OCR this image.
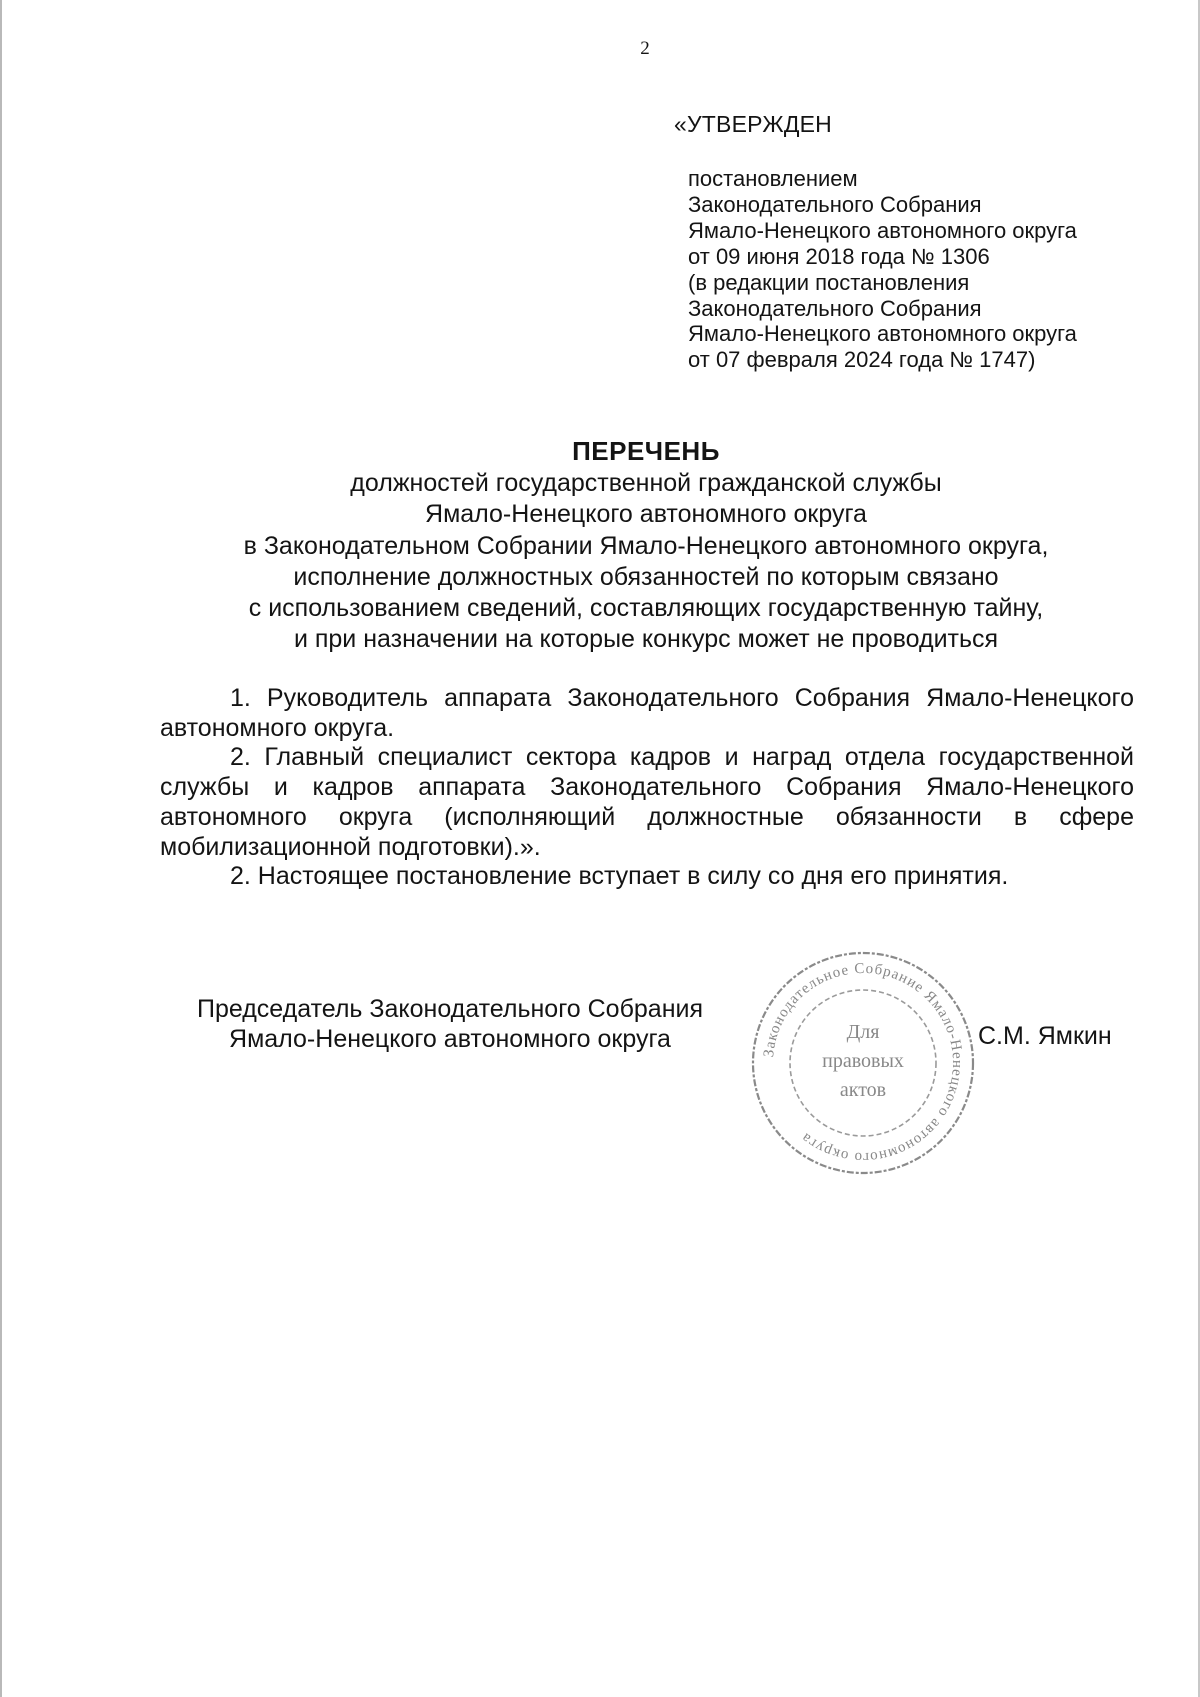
2
«УТВЕРЖДЕН
постановлением
Законодательного Собрания
Ямало-Ненецкого автономного округа
от 09 июня 2018 года № 1306
(в редакции постановления
Законодательного Собрания
Ямало-Ненецкого автономного округа
от 07 февраля 2024 года № 1747)
ПЕРЕЧЕНЬ
должностей государственной гражданской службы
Ямало-Ненецкого автономного округа
в Законодательном Собрании Ямало-Ненецкого автономного округа,
исполнение должностных обязанностей по которым связано
с использованием сведений, составляющих государственную тайну,
и при назначении на которые конкурс может не проводиться

1. Руководитель аппарата Законодательного Собрания Ямало-Ненецкого автономного округа.

2. Главный специалист сектора кадров и наград отдела государственной службы и кадров аппарата Законодательного Собрания Ямало-Ненецкого автономного округа (исполняющий должностные обязанности в сфере мобилизационной подготовки).».

2. Настоящее постановление вступает в силу со дня его принятия.

Председатель Законодательного Собрания
Ямало-Ненецкого автономного округа	Законодательное Собрание Ямало-Ненецкого автономного округа
Для
правовых
актов
С.М. Ямкин
